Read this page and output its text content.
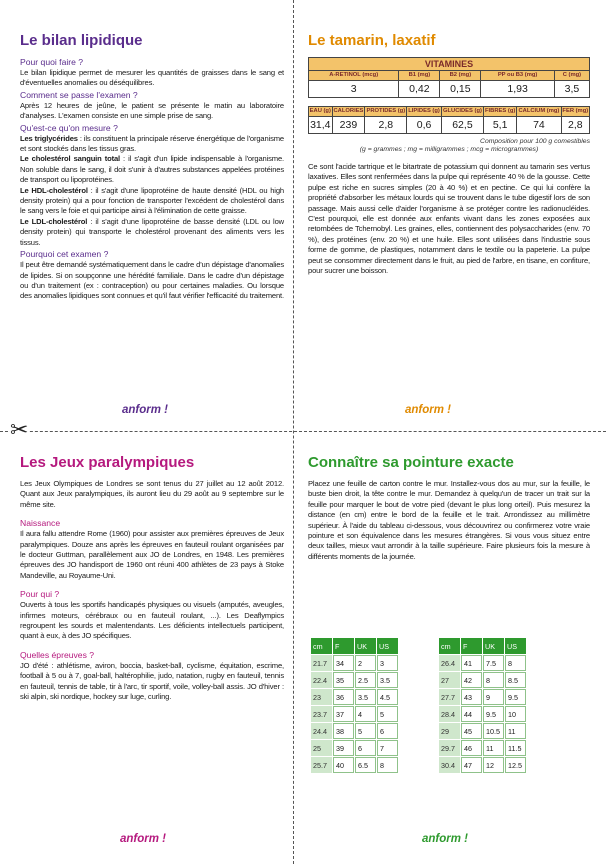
✂
Le bilan lipidique
Pour quoi faire ?

Le bilan lipidique permet de mesurer les quantités de graisses dans le sang et d'éventuelles anomalies ou déséquilibres.

Comment se passe l'examen ?

Après 12 heures de jeûne, le patient se présente le matin au laboratoire d'analyses. L'examen consiste en une simple prise de sang.

Qu'est-ce qu'on mesure ?

Les triglycérides : ils constituent la principale réserve énergétique de l'organisme et sont stockés dans les tissus gras.

Le cholestérol sanguin total : il s'agit d'un lipide indispensable à l'organisme. Non soluble dans le sang, il doit s'unir à d'autres substances appelées protéines de transport ou lipoprotéines.

Le HDL-cholestérol : il s'agit d'une lipoprotéine de haute densité (HDL ou high density protein) qui a pour fonction de transporter l'excédent de cholestérol dans le sang vers le foie et qui participe ainsi à l'élimination de cette graisse.

Le LDL-cholestérol : il s'agit d'une lipoprotéine de basse densité (LDL ou low density protein) qui transporte le cholestérol provenant des aliments vers les tissus.

Pourquoi cet examen ?

Il peut être demandé systématiquement dans le cadre d'un dépistage d'anomalies de lipides. Si on soupçonne une hérédité familiale. Dans le cadre d'un dépistage ou d'un traitement (ex : contraception) ou pour certaines maladies. Ou lorsque des anomalies lipidiques sont connues et qu'il faut vérifier l'efficacité du traitement.

anform !
Le tamarin, laxatif
VITAMINES				
A-RETINOL (mcg)	B1 (mg)	B2 (mg)	PP ou B3 (mg)	C (mg)
3	0,42	0,15	1,93	3,5
EAU (g)	CALORIES	PROTIDES (g)	LIPIDES (g)	GLUCIDES (g)	FIBRES (g)	CALCIUM (mg)	FER (mg)
31,4	239	2,8	0,6	62,5	5,1	74	2,8
Composition pour 100 g comestibles
(g = grammes ; mg = milligrammes ; mcg = microgrammes)

Ce sont l'acide tartrique et le bitartrate de potassium qui donnent au tamarin ses vertus laxatives. Elles sont renfermées dans la pulpe qui représente 40 % de la gousse. Cette pulpe est riche en sucres simples (20 à 40 %) et en pectine. Ce qui lui confère la propriété d'absorber les métaux lourds qui se trouvent dans le tube digestif lors de son passage. Mais aussi celle d'aider l'organisme à se protéger contre les radionucléides. C'est pourquoi, elle est donnée aux enfants vivant dans les zones exposées aux retombées de Tchernobyl. Les graines, elles, contiennent des polysaccharides (env. 70 %), des protéines (env. 20 %) et une huile. Elles sont utilisées dans l'industrie sous forme de gomme, de plastiques, notamment dans le textile ou la papeterie. La pulpe peut se consommer directement dans le fruit, au pied de l'arbre, en tisane, en confiture, pour sucrer une boisson.

anform !
Les Jeux paralympiques

Les Jeux Olympiques de Londres se sont tenus du 27 juillet au 12 août 2012. Quant aux Jeux paralympiques, ils auront lieu du 29 août au 9 septembre sur le même site.

Naissance

Il aura fallu attendre Rome (1960) pour assister aux premières épreuves de Jeux paralympiques. Douze ans après les épreuves en fauteuil roulant organisées par le docteur Guttman, parallèlement aux JO de Londres, en 1948. Les premières épreuves des JO handisport de 1960 ont réuni 400 athlètes de 23 pays à Stoke Mandeville, au Royaume-Uni.

Pour qui ?

Ouverts à tous les sportifs handicapés physiques ou visuels (amputés, aveugles, infirmes moteurs, cérébraux ou en fauteuil roulant, ...). Les Deaflympics regroupent les sourds et malentendants. Les déficients intellectuels participent, quant à eux, à des JO spécifiques.

Quelles épreuves ?

JO d'été : athlétisme, aviron, boccia, basket-ball, cyclisme, équitation, escrime, football à 5 ou à 7, goal-ball, haltérophilie, judo, natation, rugby en fauteuil, tennis en fauteuil, tennis de table, tir à l'arc, tir sportif, voile, volley-ball assis. JO d'hiver : ski alpin, ski nordique, hockey sur luge, curling.

anform !
Connaître sa pointure exacte

Placez une feuille de carton contre le mur. Installez-vous dos au mur, sur la feuille, le buste bien droit, la tête contre le mur. Demandez à quelqu'un de tracer un trait sur la feuille pour marquer le bout de votre pied (devant le plus long orteil). Puis mesurez la distance (en cm) entre le bord de la feuille et le trait. Arrondissez au millimètre supérieur. À l'aide du tableau ci-dessous, vous découvrirez ou confirmerez votre vraie pointure et son équivalence dans les mesures étrangères. Si vous vous situez entre deux tailles, mieux vaut arrondir à la taille supérieure. Faire plusieurs fois la mesure à différents moments de la journée.

cm	F	UK	US
21.7	34	2	3
22.4	35	2.5	3.5
23	36	3.5	4.5
23.7	37	4	5
24.4	38	5	6
25	39	6	7
25.7	40	6.5	8
cm	F	UK	US
26.4	41	7.5	8
27	42	8	8.5
27.7	43	9	9.5
28.4	44	9.5	10
29	45	10.5	11
29.7	46	11	11.5
30.4	47	12	12.5
anform !
